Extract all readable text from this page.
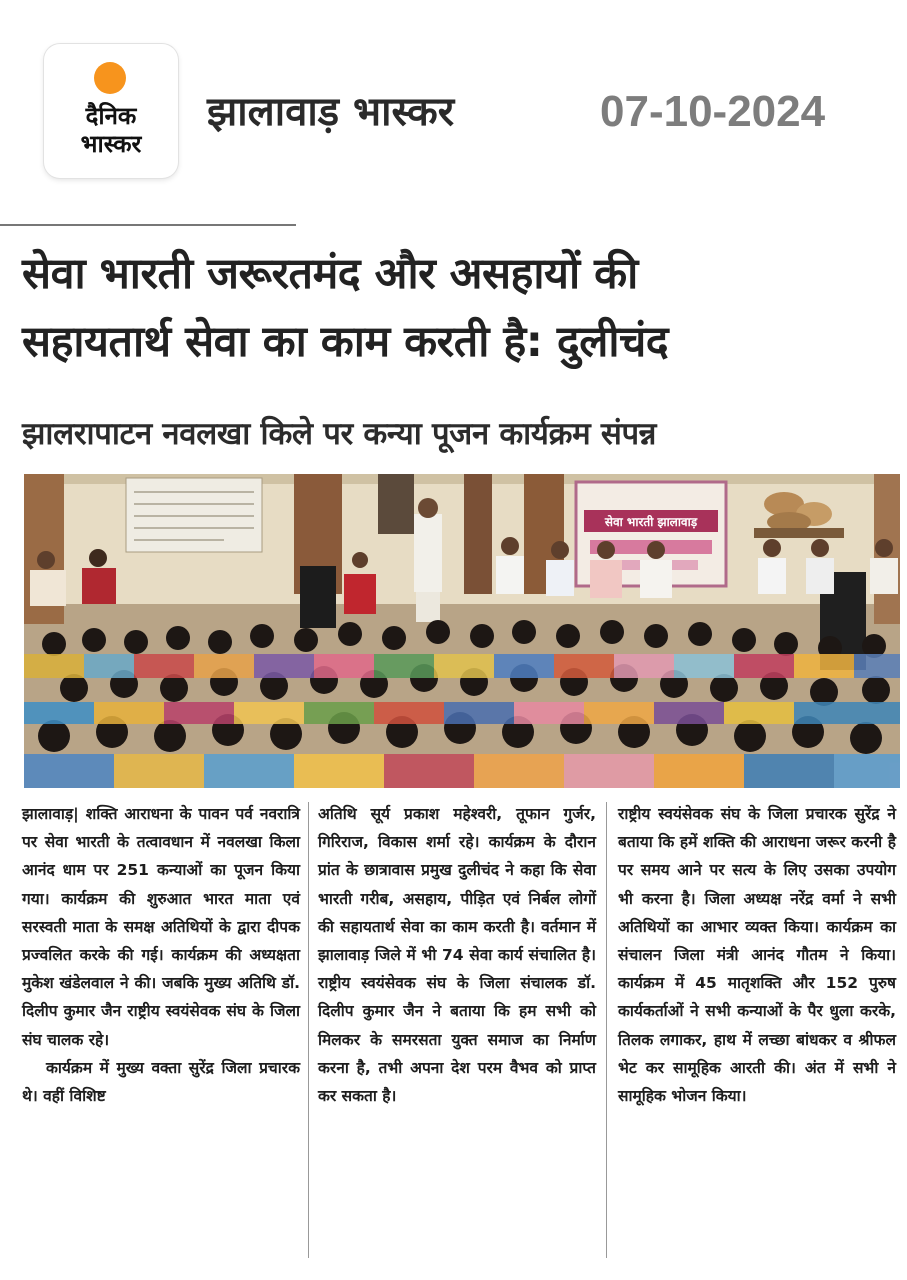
दैनिक
भास्कर
झालावाड़ भास्कर	07-10-2024
सेवा भारती जरूरतमंद और असहायों की
सहायतार्थ सेवा का काम करती है: दुलीचंद
झालरापाटन नवलखा किले पर कन्या पूजन कार्यक्रम संपन्न
सेवा भारती झालावाड़

झालावाड़| शक्ति आराधना के पावन पर्व नवरात्रि पर सेवा भारती के तत्वावधान में नवलखा किला आनंद धाम पर 251 कन्याओं का पूजन किया गया। कार्यक्रम की शुरुआत भारत माता एवं सरस्वती माता के समक्ष अतिथियों के द्वारा दीपक प्रज्वलित करके की गई। कार्यक्रम की अध्यक्षता मुकेश खंडेलवाल ने की। जबकि मुख्य अतिथि डॉ. दिलीप कुमार जैन राष्ट्रीय स्वयंसेवक संघ के जिला संघ चालक रहे।

कार्यक्रम में मुख्य वक्ता सुरेंद्र जिला प्रचारक थे। वहीं विशिष्ट

अतिथि सूर्य प्रकाश महेश्वरी, तूफान गुर्जर, गिरिराज, विकास शर्मा रहे। कार्यक्रम के दौरान प्रांत के छात्रावास प्रमुख दुलीचंद ने कहा कि सेवा भारती गरीब, असहाय, पीड़ित एवं निर्बल लोगों की सहायतार्थ सेवा का काम करती है। वर्तमान में झालावाड़ जिले में भी 74 सेवा कार्य संचालित है। राष्ट्रीय स्वयंसेवक संघ के जिला संचालक डॉ. दिलीप कुमार जैन ने बताया कि हम सभी को मिलकर के समरसता युक्त समाज का निर्माण करना है, तभी अपना देश परम वैभव को प्राप्त कर सकता है।

राष्ट्रीय स्वयंसेवक संघ के जिला प्रचारक सुरेंद्र ने बताया कि हमें शक्ति की आराधना जरूर करनी है पर समय आने पर सत्य के लिए उसका उपयोग भी करना है। जिला अध्यक्ष नरेंद्र वर्मा ने सभी अतिथियों का आभार व्यक्त किया। कार्यक्रम का संचालन जिला मंत्री आनंद गौतम ने किया। कार्यक्रम में 45 मातृशक्ति और 152 पुरुष कार्यकर्ताओं ने सभी कन्याओं के पैर धुला करके, तिलक लगाकर, हाथ में लच्छा बांधकर व श्रीफल भेट कर सामूहिक आरती की। अंत में सभी ने सामूहिक भोजन किया।
